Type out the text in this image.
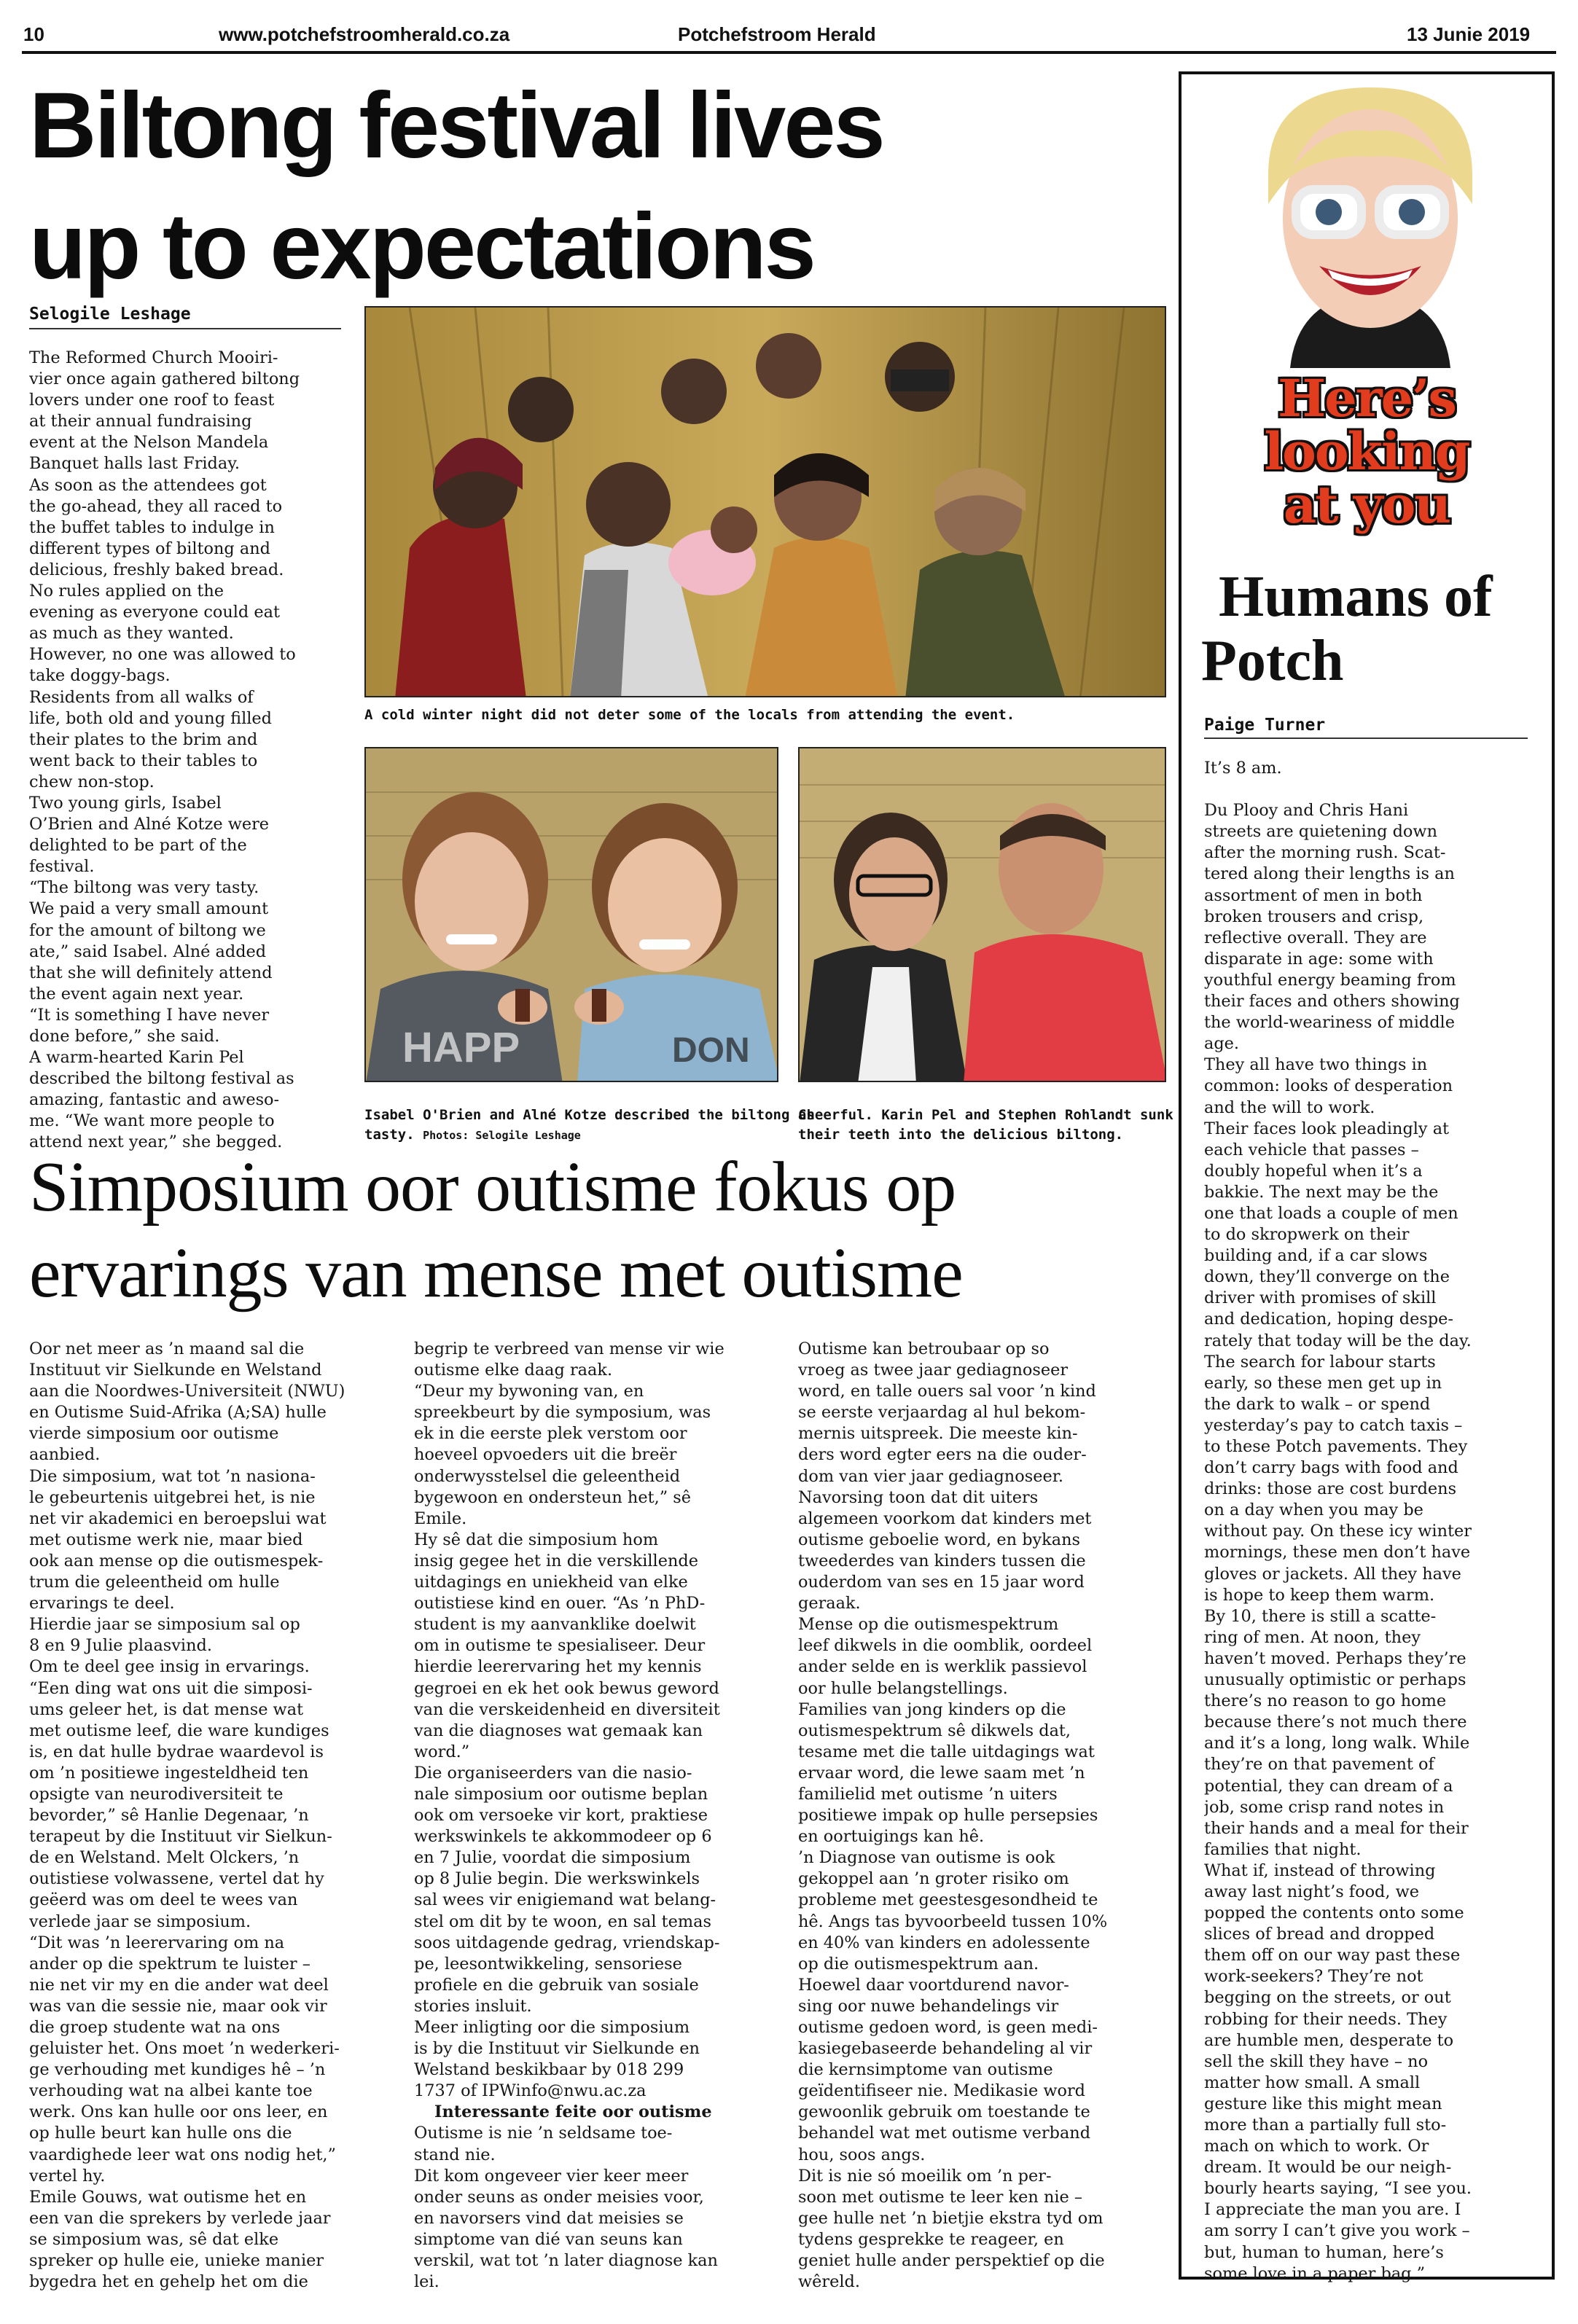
10	www.potchefstroomherald.co.za	Potchefstroom Herald	13 Junie 2019
Biltong festival lives
up to expectations
Selogile Leshage
The Reformed Church Mooiri-
vier once again gathered biltong
lovers under one roof to feast
at their annual fundraising
event at the Nelson Mandela
Banquet halls last Friday.
As soon as the attendees got
the go-ahead, they all raced to
the buffet tables to indulge in
different types of biltong and
delicious, freshly baked bread.
No rules applied on the
evening as everyone could eat
as much as they wanted.
However, no one was allowed to
take doggy-bags.
Residents from all walks of
life, both old and young filled
their plates to the brim and
went back to their tables to
chew non-stop.
Two young girls, Isabel
O’Brien and Alné Kotze were
delighted to be part of the
festival.
“The biltong was very tasty.
We paid a very small amount
for the amount of biltong we
ate,” said Isabel. Alné added
that she will definitely attend
the event again next year.
“It is something I have never
done before,” she said.
A warm-hearted Karin Pel
described the biltong festival as
amazing, fantastic and aweso-
me. “We want more people to
attend next year,” she begged.
A cold winter night did not deter some of the locals from attending the event.
HAPP	DON
Isabel O'Brien and Alné Kotze described the biltong as
tasty. Photos: Selogile Leshage
Cheerful. Karin Pel and Stephen Rohlandt sunk
their teeth into the delicious biltong.
Simposium oor outisme fokus op
ervarings van mense met outisme
Oor net meer as ’n maand sal die
Instituut vir Sielkunde en Welstand
aan die Noordwes-Universiteit (NWU)
en Outisme Suid-Afrika (A;SA) hulle
vierde simposium oor outisme
aanbied.
Die simposium, wat tot ’n nasiona-
le gebeurtenis uitgebrei het, is nie
net vir akademici en beroepslui wat
met outisme werk nie, maar bied
ook aan mense op die outismespek-
trum die geleentheid om hulle
ervarings te deel.
Hierdie jaar se simposium sal op
8 en 9 Julie plaasvind.
Om te deel gee insig in ervarings.
“Een ding wat ons uit die simposi-
ums geleer het, is dat mense wat
met outisme leef, die ware kundiges
is, en dat hulle bydrae waardevol is
om ’n positiewe ingesteldheid ten
opsigte van neurodiversiteit te
bevorder,” sê Hanlie Degenaar, ’n
terapeut by die Instituut vir Sielkun-
de en Welstand. Melt Olckers, ’n
outistiese volwassene, vertel dat hy
geëerd was om deel te wees van
verlede jaar se simposium.
“Dit was ’n leerervaring om na
ander op die spektrum te luister –
nie net vir my en die ander wat deel
was van die sessie nie, maar ook vir
die groep studente wat na ons
geluister het. Ons moet ’n wederkeri-
ge verhouding met kundiges hê – ’n
verhouding wat na albei kante toe
werk. Ons kan hulle oor ons leer, en
op hulle beurt kan hulle ons die
vaardighede leer wat ons nodig het,”
vertel hy.
Emile Gouws, wat outisme het en
een van die sprekers by verlede jaar
se simposium was, sê dat elke
spreker op hulle eie, unieke manier
bygedra het en gehelp het om die
begrip te verbreed van mense vir wie
outisme elke daag raak.
“Deur my bywoning van, en
spreekbeurt by die symposium, was
ek in die eerste plek verstom oor
hoeveel opvoeders uit die breër
onderwysstelsel die geleentheid
bygewoon en ondersteun het,” sê
Emile.
Hy sê dat die simposium hom
insig gegee het in die verskillende
uitdagings en uniekheid van elke
outistiese kind en ouer. “As ’n PhD-
student is my aanvanklike doelwit
om in outisme te spesialiseer. Deur
hierdie leerervaring het my kennis
gegroei en ek het ook bewus geword
van die verskeidenheid en diversiteit
van die diagnoses wat gemaak kan
word.”
Die organiseerders van die nasio-
nale simposium oor outisme beplan
ook om versoeke vir kort, praktiese
werkswinkels te akkommodeer op 6
en 7 Julie, voordat die simposium
op 8 Julie begin. Die werkswinkels
sal wees vir enigiemand wat belang-
stel om dit by te woon, en sal temas
soos uitdagende gedrag, vriendskap-
pe, leesontwikkeling, sensoriese
profiele en die gebruik van sosiale
stories insluit.
Meer inligting oor die simposium
is by die Instituut vir Sielkunde en
Welstand beskikbaar by 018 299
1737 of IPWinfo@nwu.ac.za
Interessante feite oor outisme
Outisme is nie ’n seldsame toe-
stand nie.
Dit kom ongeveer vier keer meer
onder seuns as onder meisies voor,
en navorsers vind dat meisies se
simptome van dié van seuns kan
verskil, wat tot ’n later diagnose kan
lei.
Outisme kan betroubaar op so
vroeg as twee jaar gediagnoseer
word, en talle ouers sal voor ’n kind
se eerste verjaardag al hul bekom-
mernis uitspreek. Die meeste kin-
ders word egter eers na die ouder-
dom van vier jaar gediagnoseer.
Navorsing toon dat dit uiters
algemeen voorkom dat kinders met
outisme geboelie word, en bykans
tweederdes van kinders tussen die
ouderdom van ses en 15 jaar word
geraak.
Mense op die outismespektrum
leef dikwels in die oomblik, oordeel
ander selde en is werklik passievol
oor hulle belangstellings.
Families van jong kinders op die
outismespektrum sê dikwels dat,
tesame met die talle uitdagings wat
ervaar word, die lewe saam met ’n
familielid met outisme ’n uiters
positiewe impak op hulle persepsies
en oortuigings kan hê.
’n Diagnose van outisme is ook
gekoppel aan ’n groter risiko om
probleme met geestesgesondheid te
hê. Angs tas byvoorbeeld tussen 10%
en 40% van kinders en adolessente
op die outismespektrum aan.
Hoewel daar voortdurend navor-
sing oor nuwe behandelings vir
outisme gedoen word, is geen medi-
kasiegebaseerde behandeling al vir
die kernsimptome van outisme
geïdentifiseer nie. Medikasie word
gewoonlik gebruik om toestande te
behandel wat met outisme verband
hou, soos angs.
Dit is nie só moeilik om ’n per-
soon met outisme te leer ken nie –
gee hulle net ’n bietjie ekstra tyd om
tydens gesprekke te reageer, en
geniet hulle ander perspektief op die
wêreld.
Here’s
looking
at you
Humans of
Potch
Paige Turner
It’s 8 am.

Du Plooy and Chris Hani
streets are quietening down
after the morning rush. Scat-
tered along their lengths is an
assortment of men in both
broken trousers and crisp,
reflective overall. They are
disparate in age: some with
youthful energy beaming from
their faces and others showing
the world-weariness of middle
age.
They all have two things in
common: looks of desperation
and the will to work.
Their faces look pleadingly at
each vehicle that passes –
doubly hopeful when it’s a
bakkie. The next may be the
one that loads a couple of men
to do skropwerk on their
building and, if a car slows
down, they’ll converge on the
driver with promises of skill
and dedication, hoping despe-
rately that today will be the day.
The search for labour starts
early, so these men get up in
the dark to walk – or spend
yesterday’s pay to catch taxis –
to these Potch pavements. They
don’t carry bags with food and
drinks: those are cost burdens
on a day when you may be
without pay. On these icy winter
mornings, these men don’t have
gloves or jackets. All they have
is hope to keep them warm.
By 10, there is still a scatte-
ring of men. At noon, they
haven’t moved. Perhaps they’re
unusually optimistic or perhaps
there’s no reason to go home
because there’s not much there
and it’s a long, long walk. While
they’re on that pavement of
potential, they can dream of a
job, some crisp rand notes in
their hands and a meal for their
families that night.
What if, instead of throwing
away last night’s food, we
popped the contents onto some
slices of bread and dropped
them off on our way past these
work-seekers? They’re not
begging on the streets, or out
robbing for their needs. They
are humble men, desperate to
sell the skill they have – no
matter how small. A small
gesture like this might mean
more than a partially full sto-
mach on which to work. Or
dream. It would be our neigh-
bourly hearts saying, “I see you.
I appreciate the man you are. I
am sorry I can’t give you work –
but, human to human, here’s
some love in a paper bag.”
